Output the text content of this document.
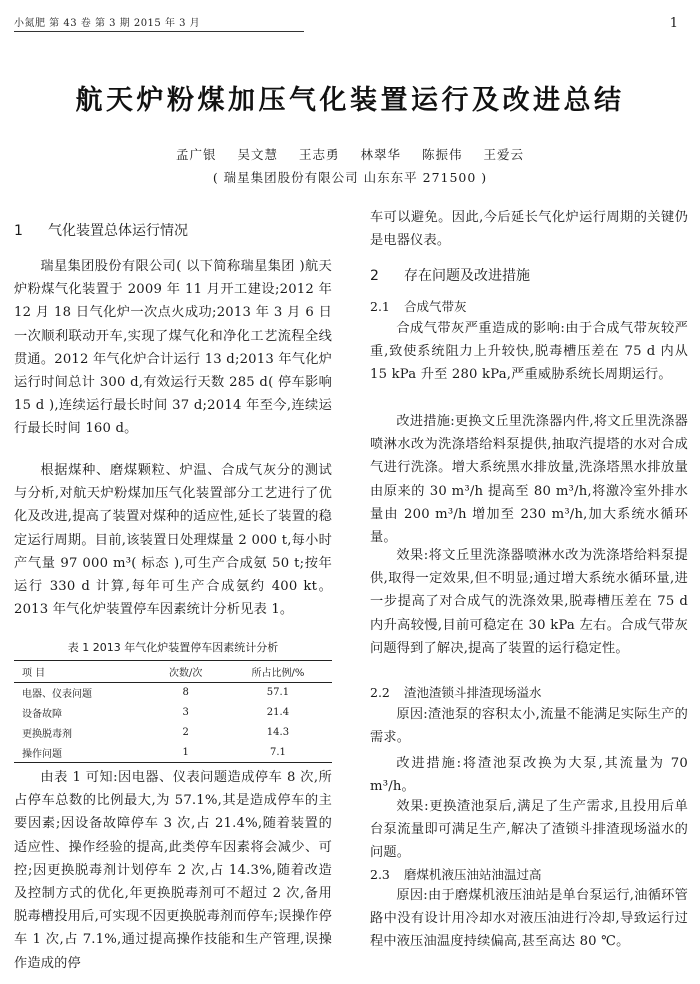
小氮肥 第 43 卷 第 3 期 2015 年 3 月	1
航天炉粉煤加压气化装置运行及改进总结
孟广银 吴文慧 王志勇 林翠华 陈振伟 王爱云
( 瑞星集团股份有限公司 山东东平 271500 )
1 气化装置总体运行情况

瑞星集团股份有限公司( 以下简称瑞星集团 )航天炉粉煤气化装置于 2009 年 11 月开工建设;2012 年 12 月 18 日气化炉一次点火成功;2013 年 3 月 6 日一次顺利联动开车,实现了煤气化和净化工艺流程全线贯通。2012 年气化炉合计运行 13 d;2013 年气化炉运行时间总计 300 d,有效运行天数 285 d( 停车影响 15 d ),连续运行最长时间 37 d;2014 年至今,连续运行最长时间 160 d。

根据煤种、磨煤颗粒、炉温、合成气灰分的测试与分析,对航天炉粉煤加压气化装置部分工艺进行了优化及改进,提高了装置对煤种的适应性,延长了装置的稳定运行周期。目前,该装置日处理煤量 2 000 t,每小时产气量 97 000 m³( 标态 ),可生产合成氨 50 t;按年运行 330 d 计算,每年可生产合成氨约 400 kt。2013 年气化炉装置停车因素统计分析见表 1。

表 1 2013 年气化炉装置停车因素统计分析
项 目	次数/次	所占比例/%
电器、仪表问题	8	57.1
设备故障	3	21.4
更换脱毒剂	2	14.3
操作问题	1	7.1

由表 1 可知:因电器、仪表问题造成停车 8 次,所占停车总数的比例最大,为 57.1%,其是造成停车的主要因素;因设备故障停车 3 次,占 21.4%,随着装置的适应性、操作经验的提高,此类停车因素将会减少、可控;因更换脱毒剂计划停车 2 次,占 14.3%,随着改造及控制方式的优化,年更换脱毒剂可不超过 2 次,备用脱毒槽投用后,可实现不因更换脱毒剂而停车;误操作停车 1 次,占 7.1%,通过提高操作技能和生产管理,误操作造成的停

车可以避免。因此,今后延长气化炉运行周期的关键仍是电器仪表。

2 存在问题及改进措施
2.1 合成气带灰

合成气带灰严重造成的影响:由于合成气带灰较严重,致使系统阻力上升较快,脱毒槽压差在 75 d 内从 15 kPa 升至 280 kPa,严重威胁系统长周期运行。

改进措施:更换文丘里洗涤器内件,将文丘里洗涤器喷淋水改为洗涤塔给料泵提供,抽取汽提塔的水对合成气进行洗涤。增大系统黑水排放量,洗涤塔黑水排放量由原来的 30 m³/h 提高至 80 m³/h,将激冷室外排水量由 200 m³/h 增加至 230 m³/h,加大系统水循环量。

效果:将文丘里洗涤器喷淋水改为洗涤塔给料泵提供,取得一定效果,但不明显;通过增大系统水循环量,进一步提高了对合成气的洗涤效果,脱毒槽压差在 75 d 内升高较慢,目前可稳定在 30 kPa 左右。合成气带灰问题得到了解决,提高了装置的运行稳定性。

2.2 渣池渣锁斗排渣现场溢水

原因:渣池泵的容积太小,流量不能满足实际生产的需求。

改进措施:将渣池泵改换为大泵,其流量为 70 m³/h。

效果:更换渣池泵后,满足了生产需求,且投用后单台泵流量即可满足生产,解决了渣锁斗排渣现场溢水的问题。

2.3 磨煤机液压油站油温过高

原因:由于磨煤机液压油站是单台泵运行,油循环管路中没有设计用冷却水对液压油进行冷却,导致运行过程中液压油温度持续偏高,甚至高达 80 ℃。
